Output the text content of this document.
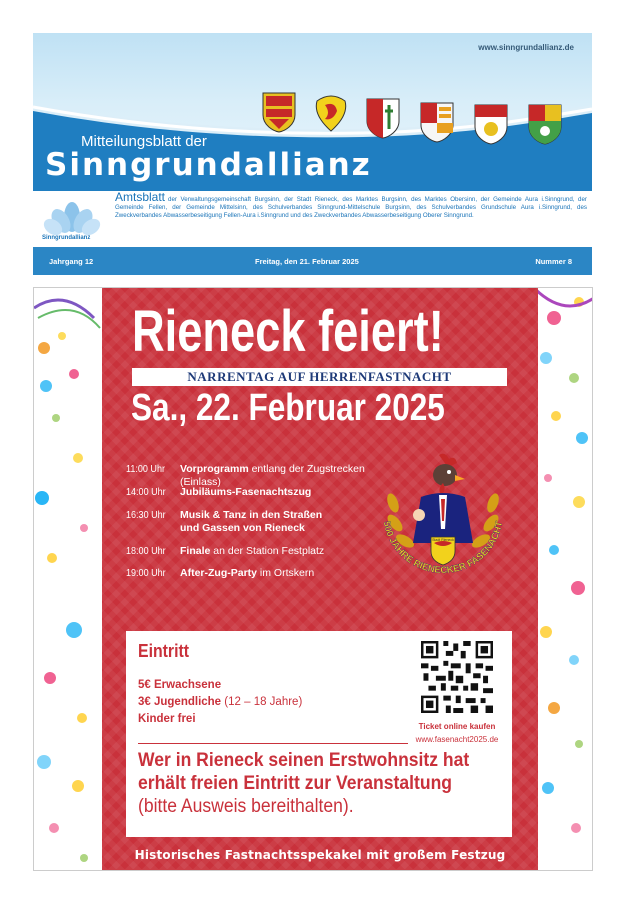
www.sinngrundallianz.de
Mitteilungsblatt der
Sinngrundallianz
Sinngrundallianz

Amtsblatt der Verwaltungsgemeinschaft Burgsinn, der Stadt Rieneck, des Marktes Burgsinn, des Marktes Obersinn, der Gemeinde Aura i.Sinngrund, der Gemeinde Fellen, der Gemeinde Mittelsinn, des Schulverbandes Sinngrund-Mittelschule Burgsinn, des Schulverbandes Grundschule Aura i.Sinngrund, des Zweckverbandes Abwasserbeseitigung Fellen-Aura i.Sinngrund und des Zweckverbandes Abwasserbeseitigung Oberer Sinngrund.

Jahrgang 12	Freitag, den 21. Februar 2025	Nummer 8
Rieneck feiert!
NARRENTAG AUF HERRENFASTNACHT
Sa., 22. Februar 2025
11:00 Uhr	Vorprogramm entlang der Zugstrecken (Einlass)
14:00 Uhr	Jubiläums-Fasenachtszug
16:30 Uhr	Musik & Tanz in den Straßen und Gassen von Rieneck
18:00 Uhr	Finale an der Station Festplatz
19:00 Uhr	After-Zug-Party im Ortskern
Stadt Rieneck
500 JAHRE RIENECKER FASENACHT
Eintritt
5€ Erwachsene
3€ Jugendliche (12 – 18 Jahre)
Kinder frei
Ticket online kaufen
www.fasenacht2025.de
Wer in Rieneck seinen Erstwohnsitz hat
erhält freien Eintritt zur Veranstaltung
(bitte Ausweis bereithalten).
Historisches Fastnachtsspekakel mit großem Festzug
